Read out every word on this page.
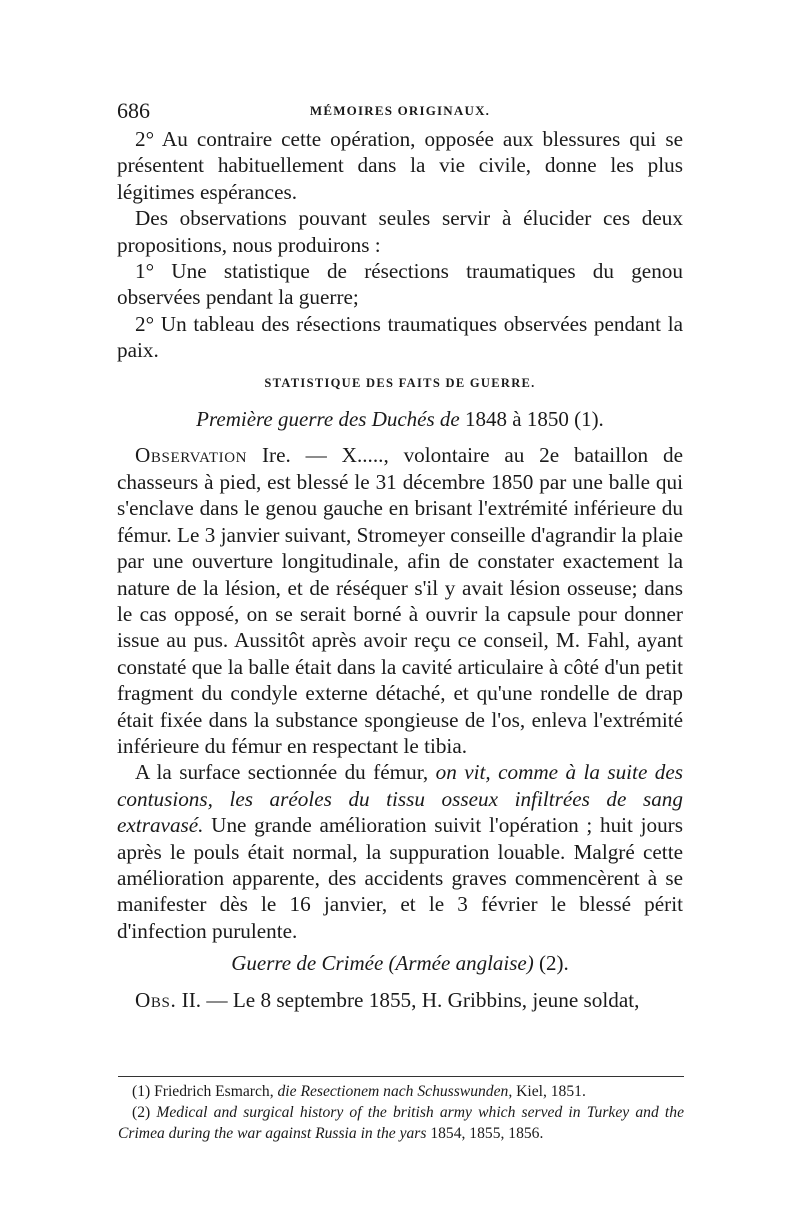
686	MÉMOIRES ORIGINAUX.

2° Au contraire cette opération, opposée aux blessures qui se présentent habituellement dans la vie civile, donne les plus légitimes espérances.

Des observations pouvant seules servir à élucider ces deux propositions, nous produirons :

1° Une statistique de résections traumatiques du genou observées pendant la guerre;

2° Un tableau des résections traumatiques observées pendant la paix.

STATISTIQUE DES FAITS DE GUERRE.
Première guerre des Duchés de 1848 à 1850 (1).

Observation Ire. — X....., volontaire au 2e bataillon de chasseurs à pied, est blessé le 31 décembre 1850 par une balle qui s'enclave dans le genou gauche en brisant l'extrémité inférieure du fémur. Le 3 janvier suivant, Stromeyer conseille d'agrandir la plaie par une ouverture longitudinale, afin de constater exactement la nature de la lésion, et de réséquer s'il y avait lésion osseuse; dans le cas opposé, on se serait borné à ouvrir la capsule pour donner issue au pus. Aussitôt après avoir reçu ce conseil, M. Fahl, ayant constaté que la balle était dans la cavité articulaire à côté d'un petit fragment du condyle externe détaché, et qu'une rondelle de drap était fixée dans la substance spongieuse de l'os, enleva l'extrémité inférieure du fémur en respectant le tibia.

A la surface sectionnée du fémur, on vit, comme à la suite des contusions, les aréoles du tissu osseux infiltrées de sang extravasé. Une grande amélioration suivit l'opération ; huit jours après le pouls était normal, la suppuration louable. Malgré cette amélioration apparente, des accidents graves commencèrent à se manifester dès le 16 janvier, et le 3 février le blessé périt d'infection purulente.

Guerre de Crimée (Armée anglaise) (2).

Obs. II. — Le 8 septembre 1855, H. Gribbins, jeune soldat,

(1) Friedrich Esmarch, die Resectionem nach Schusswunden, Kiel, 1851.

(2) Medical and surgical history of the british army which served in Turkey and the Crimea during the war against Russia in the yars 1854, 1855, 1856.
